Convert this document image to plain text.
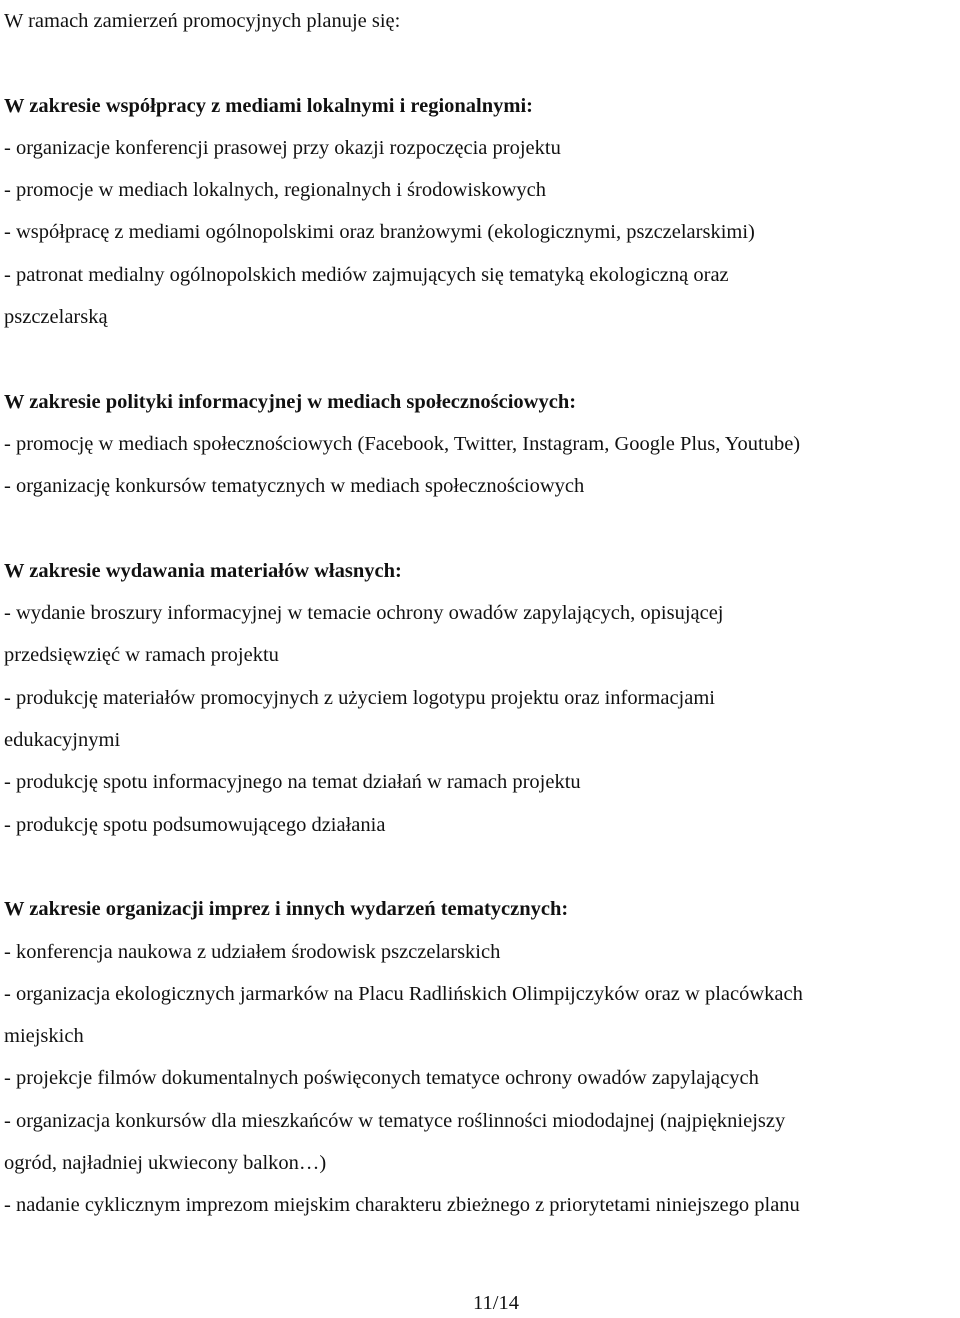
W ramach zamierzeń promocyjnych planuje się:

W zakresie współpracy z mediami lokalnymi i regionalnymi:

- organizacje konferencji prasowej przy okazji rozpoczęcia projektu

- promocje w mediach lokalnych, regionalnych i środowiskowych

- współpracę z mediami ogólnopolskimi oraz branżowymi (ekologicznymi, pszczelarskimi)

- patronat medialny ogólnopolskich mediów zajmujących się tematyką ekologiczną oraz

pszczelarską

W zakresie polityki informacyjnej w mediach społecznościowych:

- promocję w mediach społecznościowych (Facebook, Twitter, Instagram, Google Plus, Youtube)

- organizację konkursów tematycznych w mediach społecznościowych

W zakresie wydawania materiałów własnych:

- wydanie broszury informacyjnej w temacie ochrony owadów zapylających, opisującej

przedsięwzięć w ramach projektu

- produkcję materiałów promocyjnych z użyciem logotypu projektu oraz informacjami

edukacyjnymi

- produkcję spotu informacyjnego na temat działań w ramach projektu

- produkcję spotu podsumowującego działania

W zakresie organizacji imprez i innych wydarzeń tematycznych:

- konferencja naukowa z udziałem środowisk pszczelarskich

- organizacja ekologicznych jarmarków na Placu Radlińskich Olimpijczyków oraz w placówkach

miejskich

- projekcje filmów dokumentalnych poświęconych tematyce ochrony owadów zapylających

- organizacja konkursów dla mieszkańców w tematyce roślinności miododajnej (najpiękniejszy

ogród, najładniej ukwiecony balkon…)

- nadanie cyklicznym imprezom miejskim charakteru zbieżnego z priorytetami niniejszego planu

11/14
